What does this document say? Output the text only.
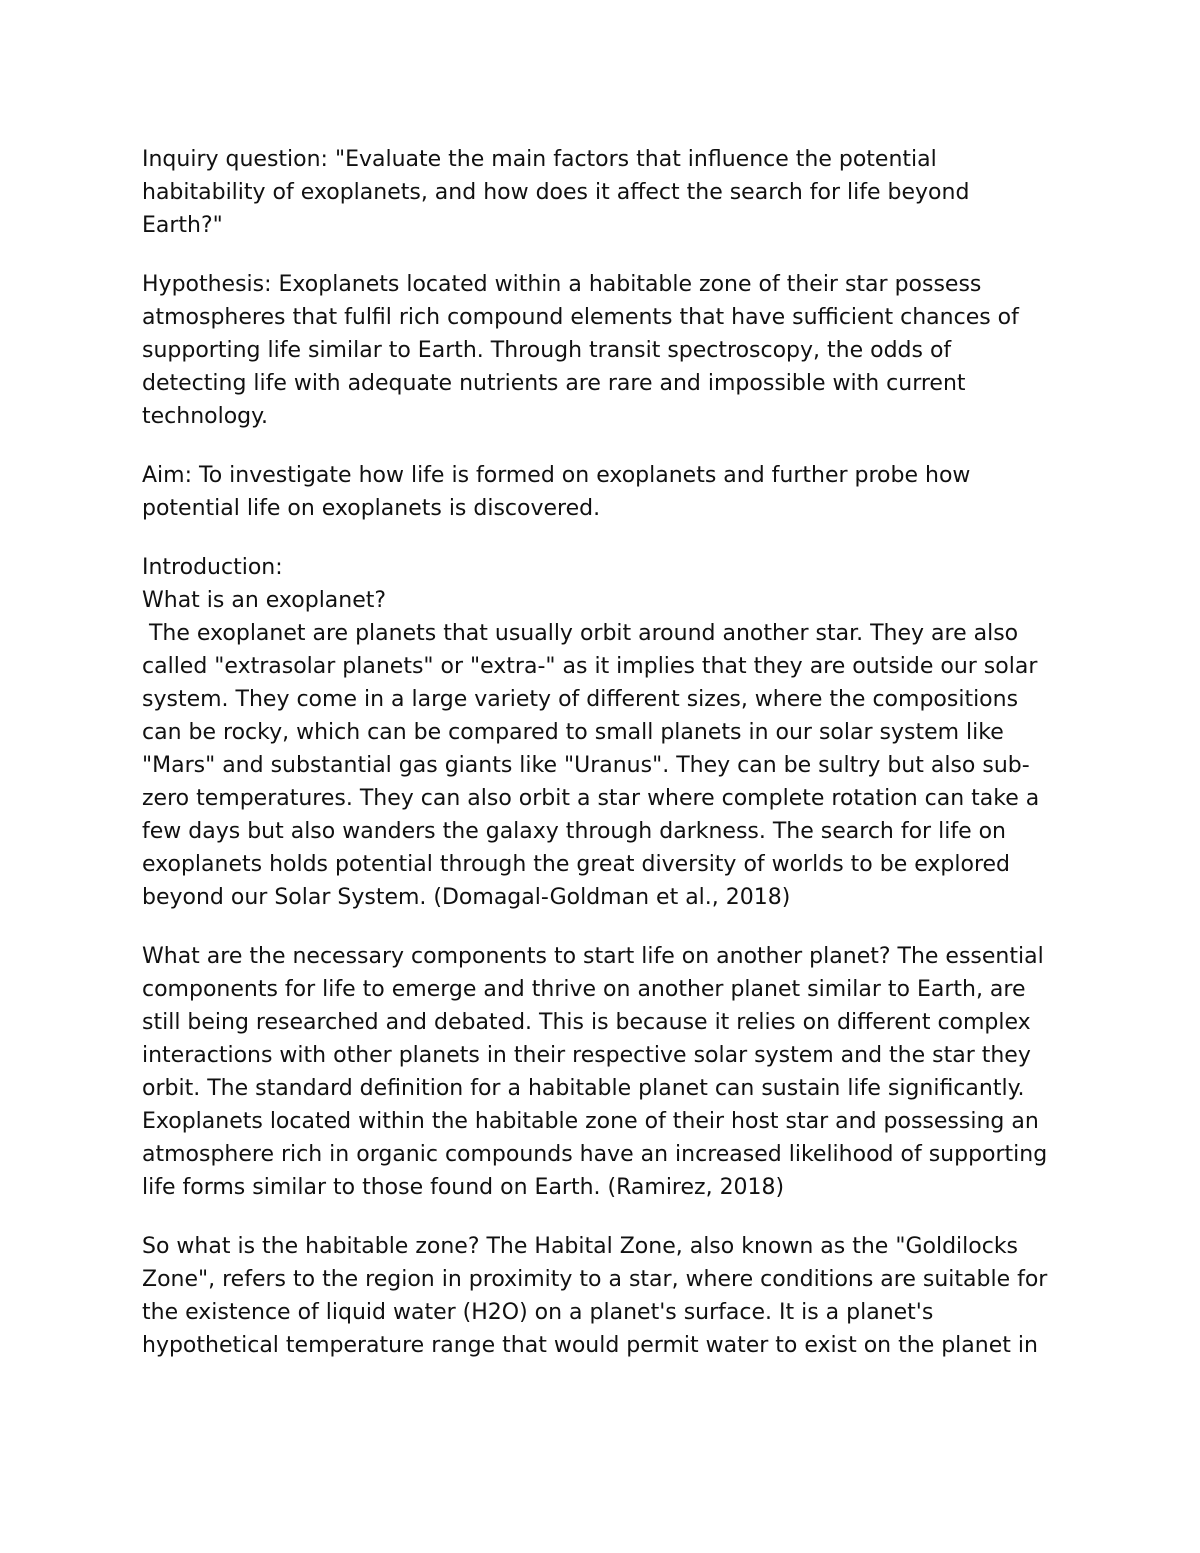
Inquiry question: "Evaluate the main factors that influence the potential
habitability of exoplanets, and how does it affect the search for life beyond
Earth?"
Hypothesis: Exoplanets located within a habitable zone of their star possess
atmospheres that fulfil rich compound elements that have sufficient chances of
supporting life similar to Earth. Through transit spectroscopy, the odds of
detecting life with adequate nutrients are rare and impossible with current
technology.
Aim: To investigate how life is formed on exoplanets and further probe how
potential life on exoplanets is discovered.
Introduction:
What is an exoplanet?
The exoplanet are planets that usually orbit around another star. They are also
called "extrasolar planets" or "extra-" as it implies that they are outside our solar
system. They come in a large variety of different sizes, where the compositions
can be rocky, which can be compared to small planets in our solar system like
"Mars" and substantial gas giants like "Uranus". They can be sultry but also sub-
zero temperatures. They can also orbit a star where complete rotation can take a
few days but also wanders the galaxy through darkness. The search for life on
exoplanets holds potential through the great diversity of worlds to be explored
beyond our Solar System. (Domagal-Goldman et al., 2018)
What are the necessary components to start life on another planet? The essential
components for life to emerge and thrive on another planet similar to Earth, are
still being researched and debated. This is because it relies on different complex
interactions with other planets in their respective solar system and the star they
orbit. The standard definition for a habitable planet can sustain life significantly.
Exoplanets located within the habitable zone of their host star and possessing an
atmosphere rich in organic compounds have an increased likelihood of supporting
life forms similar to those found on Earth. (Ramirez, 2018)
So what is the habitable zone? The Habital Zone, also known as the "Goldilocks
Zone", refers to the region in proximity to a star, where conditions are suitable for
the existence of liquid water (H2O) on a planet's surface. It is a planet's
hypothetical temperature range that would permit water to exist on the planet in
